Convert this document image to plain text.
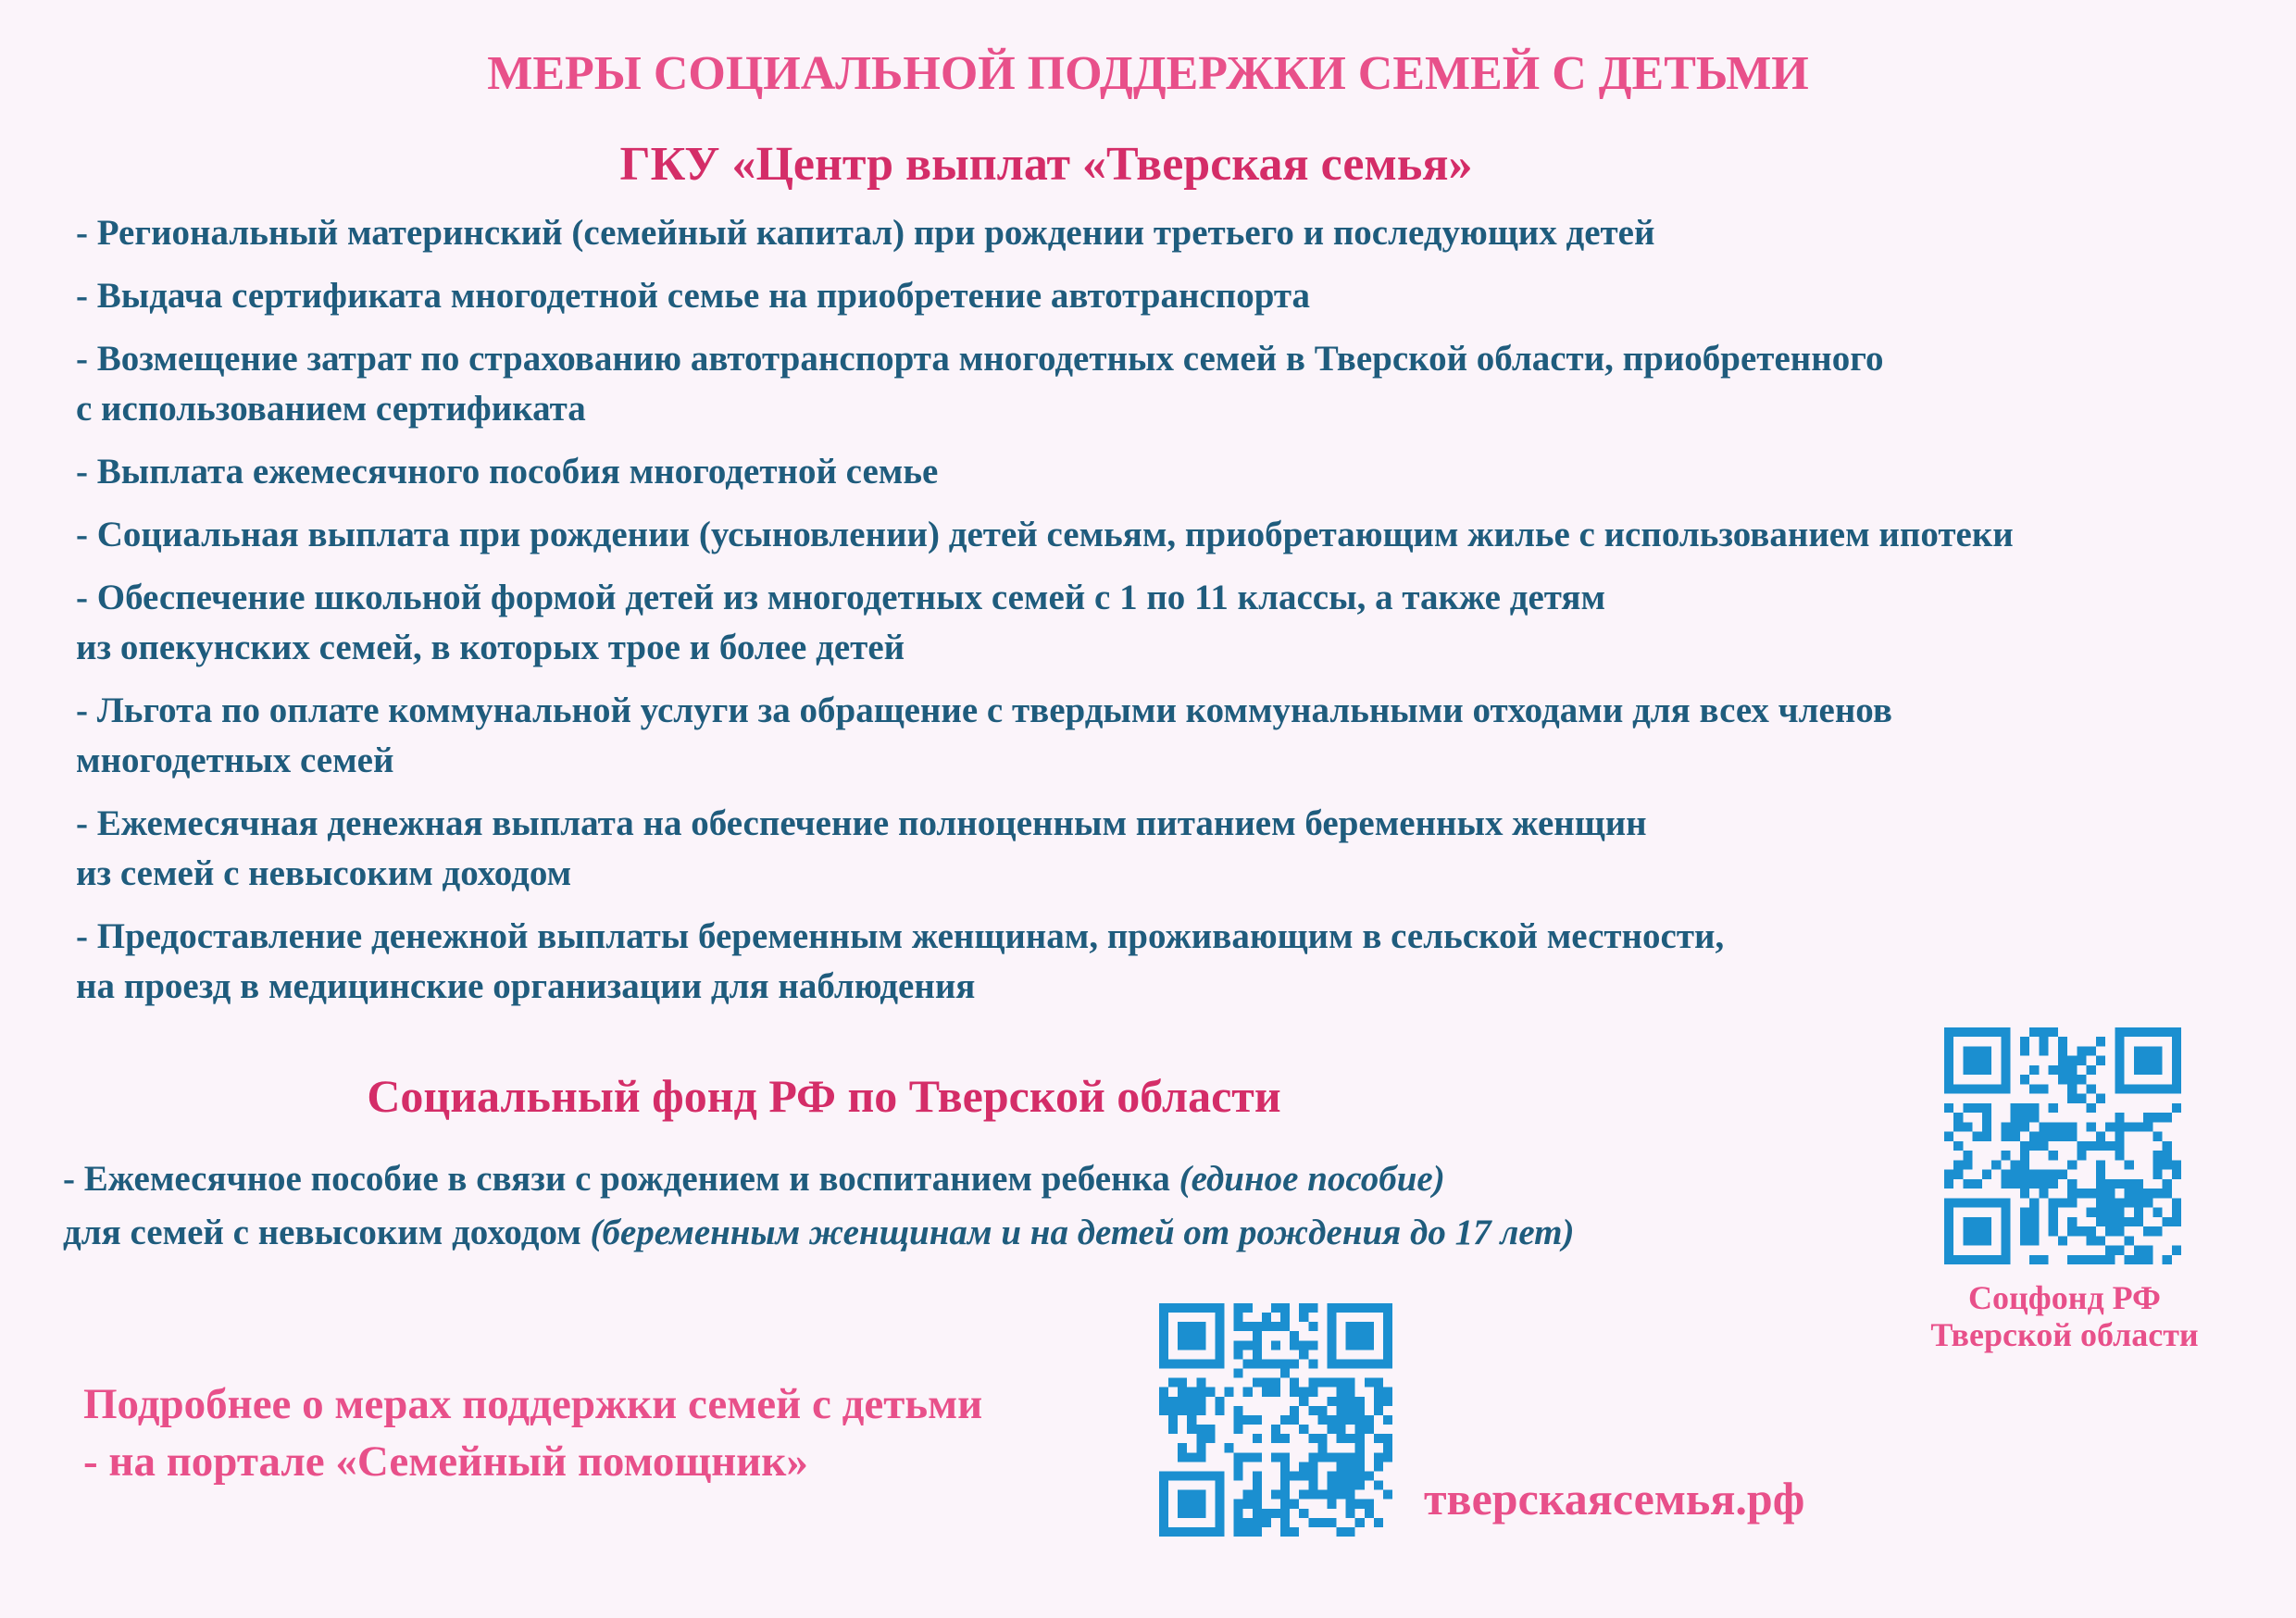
МЕРЫ СОЦИАЛЬНОЙ ПОДДЕРЖКИ СЕМЕЙ С ДЕТЬМИ
ГКУ «Центр выплат «Тверская семья»
- Региональный материнский (семейный капитал) при рождении третьего и последующих детей
- Выдача сертификата многодетной семье на приобретение автотранспорта
- Возмещение затрат по страхованию автотранспорта многодетных семей в Тверской области, приобретенного
с использованием сертификата
- Выплата ежемесячного пособия многодетной семье
- Социальная выплата при рождении (усыновлении) детей семьям, приобретающим жилье с использованием ипотеки
- Обеспечение школьной формой детей из многодетных семей с 1 по 11 классы, а также детям
из опекунских семей, в которых трое и более детей
- Льгота по оплате коммунальной услуги за обращение с твердыми коммунальными отходами для всех членов
многодетных семей
- Ежемесячная денежная выплата на обеспечение полноценным питанием беременных женщин
из семей с невысоким доходом
- Предоставление денежной выплаты беременным женщинам, проживающим в сельской местности,
на проезд в медицинские организации для наблюдения
Социальный фонд РФ по Тверской области
- Ежемесячное пособие в связи с рождением и воспитанием ребенка (единое пособие)
для семей с невысоким доходом (беременным женщинам и на детей от рождения до 17 лет)
Соцфонд РФ
Тверской области
Подробнее о мерах поддержки семей с детьми
- на портале «Семейный помощник»
тверскаясемья.рф
